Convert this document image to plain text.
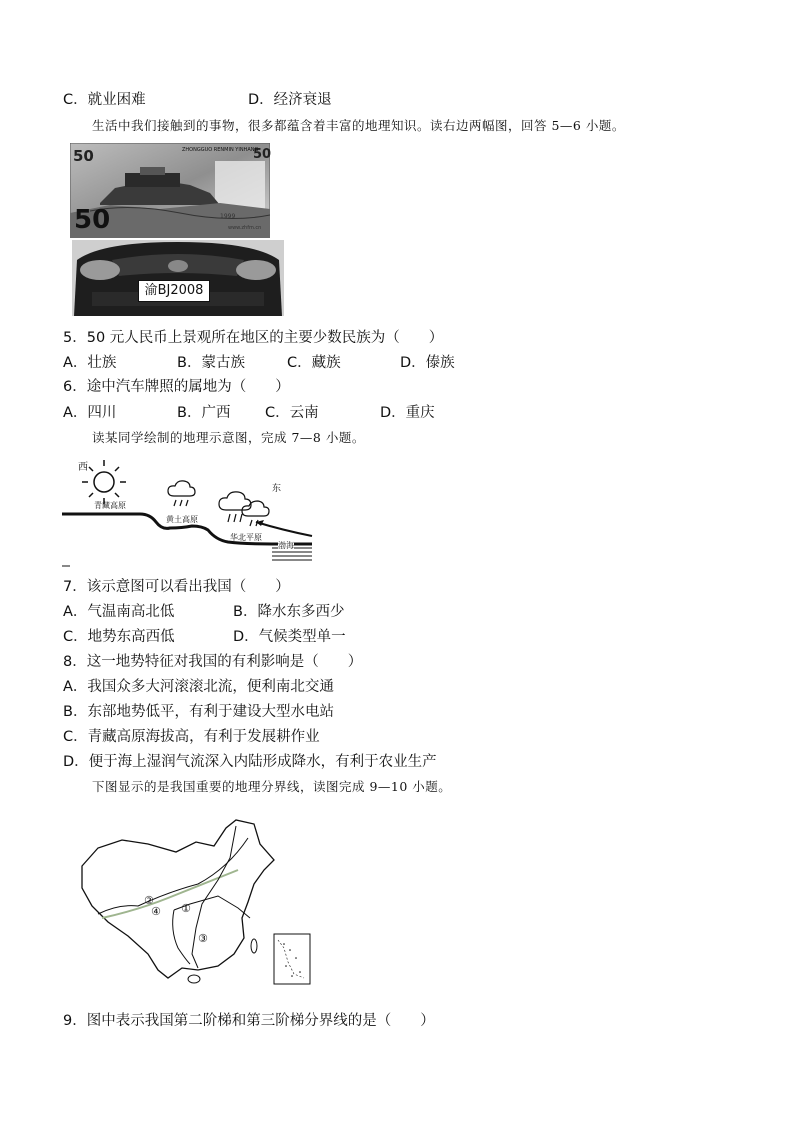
C．就业困难	D．经济衰退
生活中我们接触到的事物，很多都蕴含着丰富的地理知识。读右边两幅图，回答 5—6 小题。
50
50
50
ZHONGGUO RENMIN YINHANG
1999
www.zhfm.cn
渝BJ2008
5．50 元人民币上景观所在地区的主要少数民族为（　　）
A．壮族	B．蒙古族	C．藏族	D．傣族
6．途中汽车牌照的属地为（　　）
A．四川	B．广西 C．云南	D．重庆
读某同学绘制的地理示意图，完成 7—8 小题。
西
东
青藏高原
黄土高原
华北平原
渤海
7．该示意图可以看出我国（　　）
A．气温南高北低	B．降水东多西少
C．地势东高西低	D．气候类型单一
8．这一地势特征对我国的有利影响是（　　）
A．我国众多大河滚滚北流，便利南北交通
B．东部地势低平，有利于建设大型水电站
C．青藏高原海拔高，有利于发展耕作业
D．便于海上湿润气流深入内陆形成降水，有利于农业生产
下图显示的是我国重要的地理分界线，读图完成 9—10 小题。
①
②
③
④
9．图中表示我国第二阶梯和第三阶梯分界线的是（　　）
